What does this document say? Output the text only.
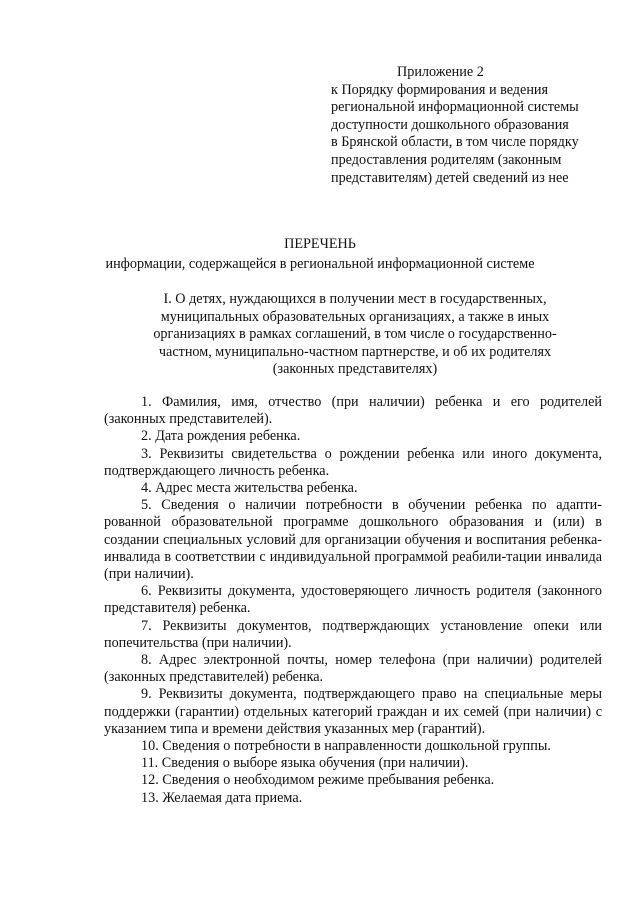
Приложение 2
к Порядку формирования и ведения
региональной информационной системы
доступности дошкольного образования
в Брянской области, в том числе порядку
предоставления родителям (законным
представителям) детей сведений из нее
ПЕРЕЧЕНЬ
информации, содержащейся в региональной информационной системе
I. О детях, нуждающихся в получении мест в государственных,
муниципальных образовательных организациях, а также в иных
организациях в рамках соглашений, в том числе о государственно-
частном, муниципально-частном партнерстве, и об их родителях
(законных представителях)

1. Фамилия, имя, отчество (при наличии) ребенка и его родителей (законных представителей).

2. Дата рождения ребенка.

3. Реквизиты свидетельства о рождении ребенка или иного документа, подтверждающего личность ребенка.

4. Адрес места жительства ребенка.

5. Сведения о наличии потребности в обучении ребенка по адапти-рованной образовательной программе дошкольного образования и (или) в создании специальных условий для организации обучения и воспитания ребенка-инвалида в соответствии с индивидуальной программой реабили-тации инвалида (при наличии).

6. Реквизиты документа, удостоверяющего личность родителя (законного представителя) ребенка.

7. Реквизиты документов, подтверждающих установление опеки или попечительства (при наличии).

8. Адрес электронной почты, номер телефона (при наличии) родителей (законных представителей) ребенка.

9. Реквизиты документа, подтверждающего право на специальные меры поддержки (гарантии) отдельных категорий граждан и их семей (при наличии) с указанием типа и времени действия указанных мер (гарантий).

10. Сведения о потребности в направленности дошкольной группы.

11. Сведения о выборе языка обучения (при наличии).

12. Сведения о необходимом режиме пребывания ребенка.

13. Желаемая дата приема.
